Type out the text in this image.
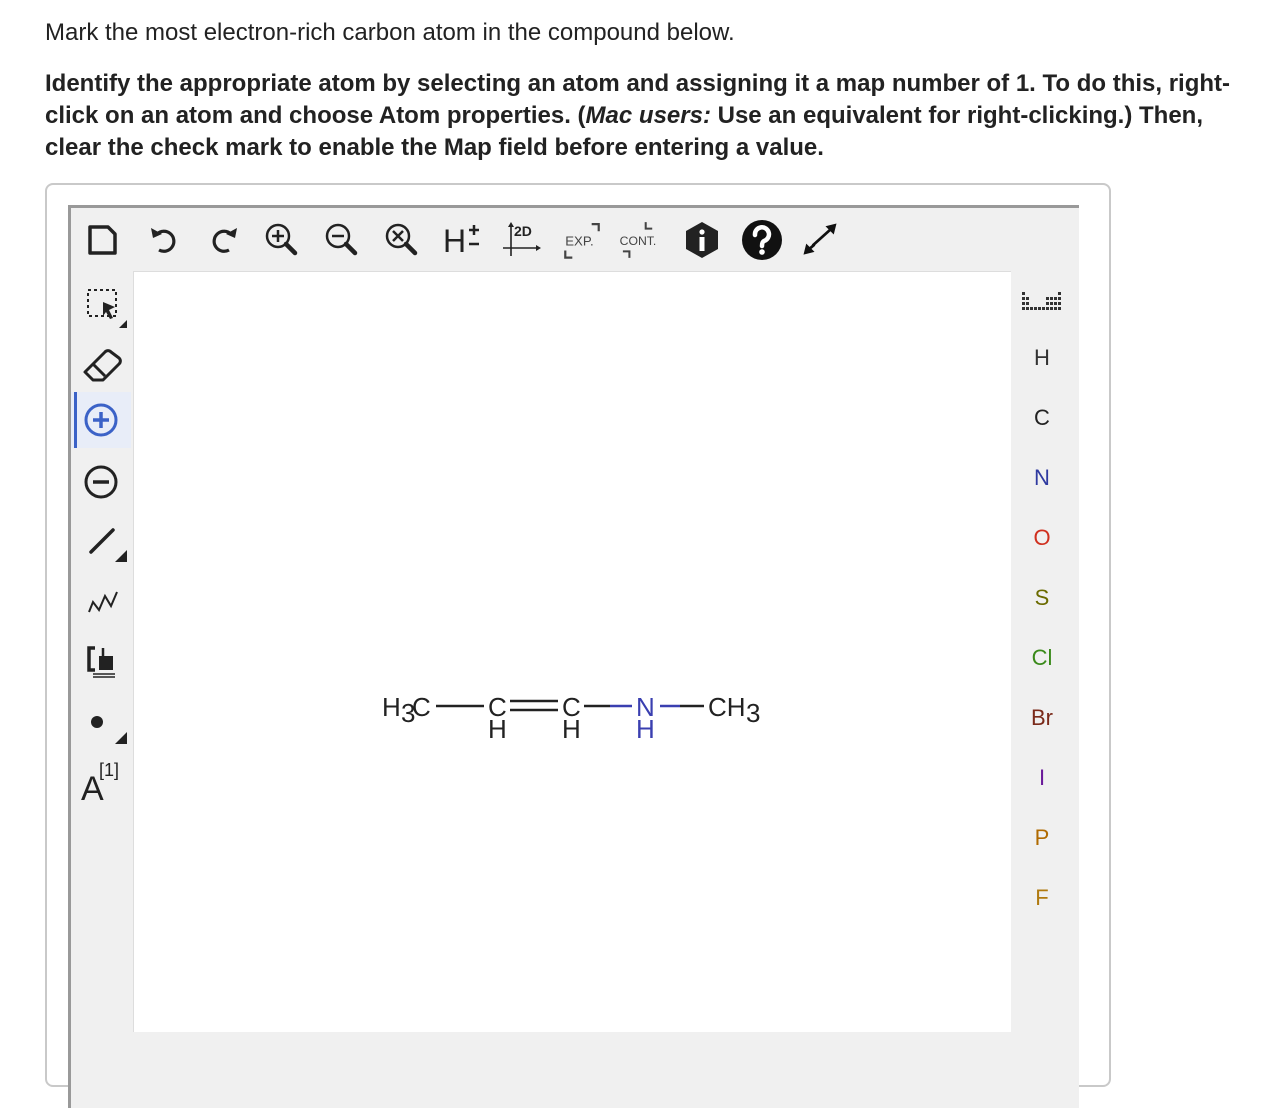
Mark the most electron-rich carbon atom in the compound below.
Identify the appropriate atom by selecting an atom and assigning it a map number of 1. To do this, right-click on an atom and choose Atom properties. (Mac users: Use an equivalent for right-clicking.) Then, clear the check mark to enable the Map field before entering a value.
H	2D
EXP. CONT.
A
[1]
H 3
C C
H
C
H
N
H
CH 3
H
C
N
O
S
Cl
Br
I
P
F
